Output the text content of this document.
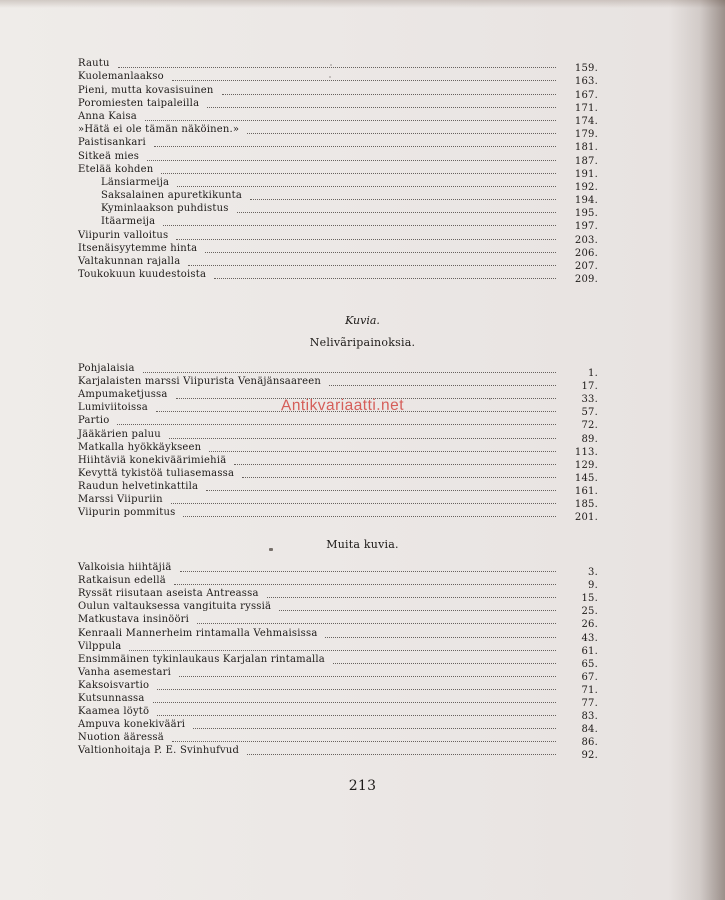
Rautu	159.
Kuolemanlaakso	163.
Pieni, mutta kovasisuinen	167.
Poromiesten taipaleilla	171.
Anna Kaisa	174.
»Hätä ei ole tämän näköinen.»	179.
Paistisankari	181.
Sitkeä mies	187.
Etelää kohden	191.
Länsiarmeija	192.
Saksalainen apuretkikunta	194.
Kyminlaakson puhdistus	195.
Itäarmeija	197.
Viipurin valloitus	203.
Itsenäisyytemme hinta	206.
Valtakunnan rajalla	207.
Toukokuun kuudestoista	209.
Kuvia.
Nelivãripainoksia.
Pohjalaisia	1.
Karjalaisten marssi Viipurista Venäjänsaareen	17.
Ampumaketjussa	33.
Lumiviitoissa	57.
Partio	72.
Jääkärien paluu	89.
Matkalla hyökkäykseen	113.
Hiihtäviä konekiväärimiehiä	129.
Kevyttä tykistöä tuliasemassa	145.
Raudun helvetinkattila	161.
Marssi Viipuriin	185.
Viipurin pommitus	201.
Muita kuvia.
Valkoisia hiihtäjiä	3.
Ratkaisun edellä	9.
Ryssät riisutaan aseista Antreassa	15.
Oulun valtauksessa vangituita ryssiä	25.
Matkustava insinööri	26.
Kenraali Mannerheim rintamalla Vehmaisissa	43.
Vilppula	61.
Ensimmäinen tykinlaukaus Karjalan rintamalla	65.
Vanha asemestari	67.
Kaksoisvartio	71.
Kutsunnassa	77.
Kaamea löytö	83.
Ampuva konekivääri	84.
Nuotion ääressä	86.
Valtionhoitaja P. E. Svinhufvud	92.
Antikvariaatti.net
213
